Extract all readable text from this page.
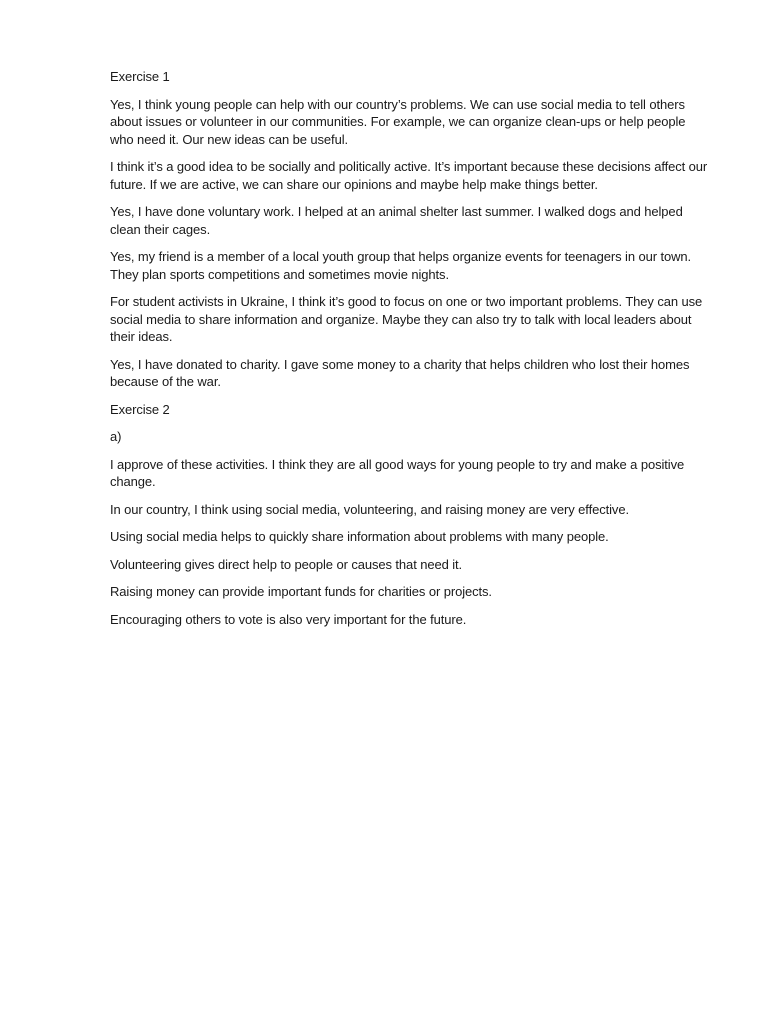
Exercise 1

Yes, I think young people can help with our country’s problems. We can use social media to tell others about issues or volunteer in our communities. For example, we can organize clean-ups or help people who need it. Our new ideas can be useful.

I think it’s a good idea to be socially and politically active. It’s important because these decisions affect our future. If we are active, we can share our opinions and maybe help make things better.

Yes, I have done voluntary work. I helped at an animal shelter last summer. I walked dogs and helped clean their cages.

Yes, my friend is a member of a local youth group that helps organize events for teenagers in our town. They plan sports competitions and sometimes movie nights.

For student activists in Ukraine, I think it’s good to focus on one or two important problems. They can use social media to share information and organize. Maybe they can also try to talk with local leaders about their ideas.

Yes, I have donated to charity. I gave some money to a charity that helps children who lost their homes because of the war.

Exercise 2

a)

I approve of these activities. I think they are all good ways for young people to try and make a positive change.

In our country, I think using social media, volunteering, and raising money are very effective.

Using social media helps to quickly share information about problems with many people.

Volunteering gives direct help to people or causes that need it.

Raising money can provide important funds for charities or projects.

Encouraging others to vote is also very important for the future.
